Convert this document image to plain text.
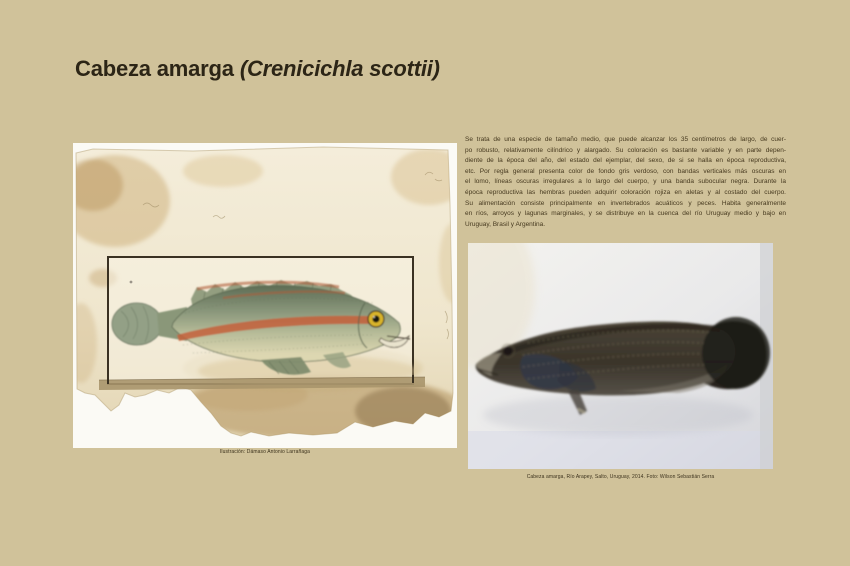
Cabeza amarga (Crenicichla scottii)
Ilustración: Dámaso Antonio Larrañaga
Se trata de una especie de tamaño medio, que puede alcanzar los 35 centímetros de largo, de cuer-
po robusto, relativamente cilíndrico y alargado. Su coloración es bastante variable y en parte depen-
diente de la época del año, del estado del ejemplar, del sexo, de si se halla en época reproductiva,
etc. Por regla general presenta color de fondo gris verdoso, con bandas verticales más oscuras en
el lomo, líneas oscuras irregulares a lo largo del cuerpo, y una banda subocular negra. Durante la
época reproductiva las hembras pueden adquirir coloración rojiza en aletas y al costado del cuerpo.
Su alimentación consiste principalmente en invertebrados acuáticos y peces. Habita generalmente
en ríos, arroyos y lagunas marginales, y se distribuye en la cuenca del río Uruguay medio y bajo en
Uruguay, Brasil y Argentina.
Cabeza amarga, Río Arapey, Salto, Uruguay, 2014. Foto: Wilson Sebastián Serra
